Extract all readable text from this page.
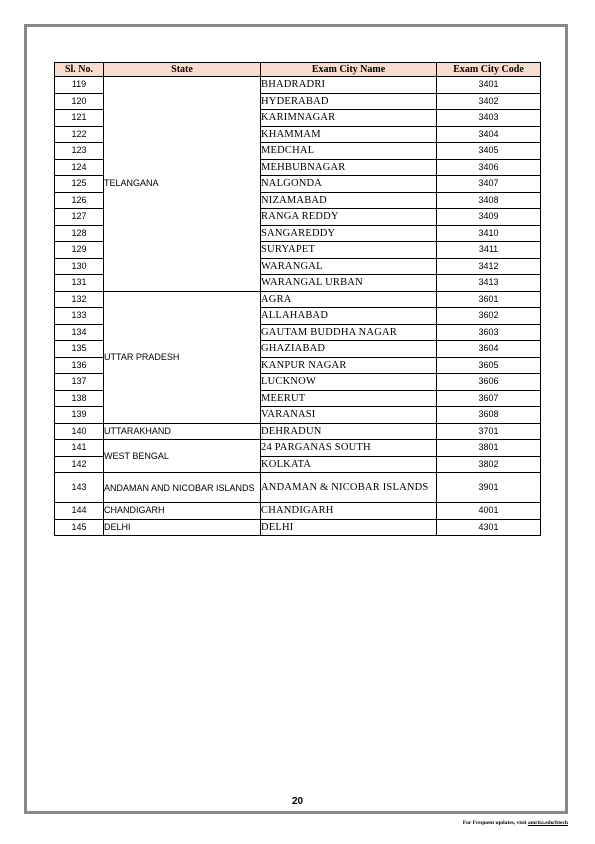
Sl. No.	State	Exam City Name	Exam City Code
119	TELANGANA	BHADRADRI	3401
120		HYDERABAD	3402
121		KARIMNAGAR	3403
122		KHAMMAM	3404
123		MEDCHAL	3405
124		MEHBUBNAGAR	3406
125		NALGONDA	3407
126		NIZAMABAD	3408
127		RANGA REDDY	3409
128		SANGAREDDY	3410
129		SURYAPET	3411
130		WARANGAL	3412
131		WARANGAL URBAN	3413
132	UTTAR PRADESH	AGRA	3601
133		ALLAHABAD	3602
134		GAUTAM BUDDHA NAGAR	3603
135		GHAZIABAD	3604
136		KANPUR NAGAR	3605
137		LUCKNOW	3606
138		MEERUT	3607
139		VARANASI	3608
140	UTTARAKHAND	DEHRADUN	3701
141	WEST BENGAL	24 PARGANAS SOUTH	3801
142		KOLKATA	3802
143	ANDAMAN AND NICOBAR ISLANDS	ANDAMAN & NICOBAR ISLANDS	3901
144	CHANDIGARH	CHANDIGARH	4001
145	DELHI	DELHI	4301
20
For Frequent updates, visit amrita.edu/btech
